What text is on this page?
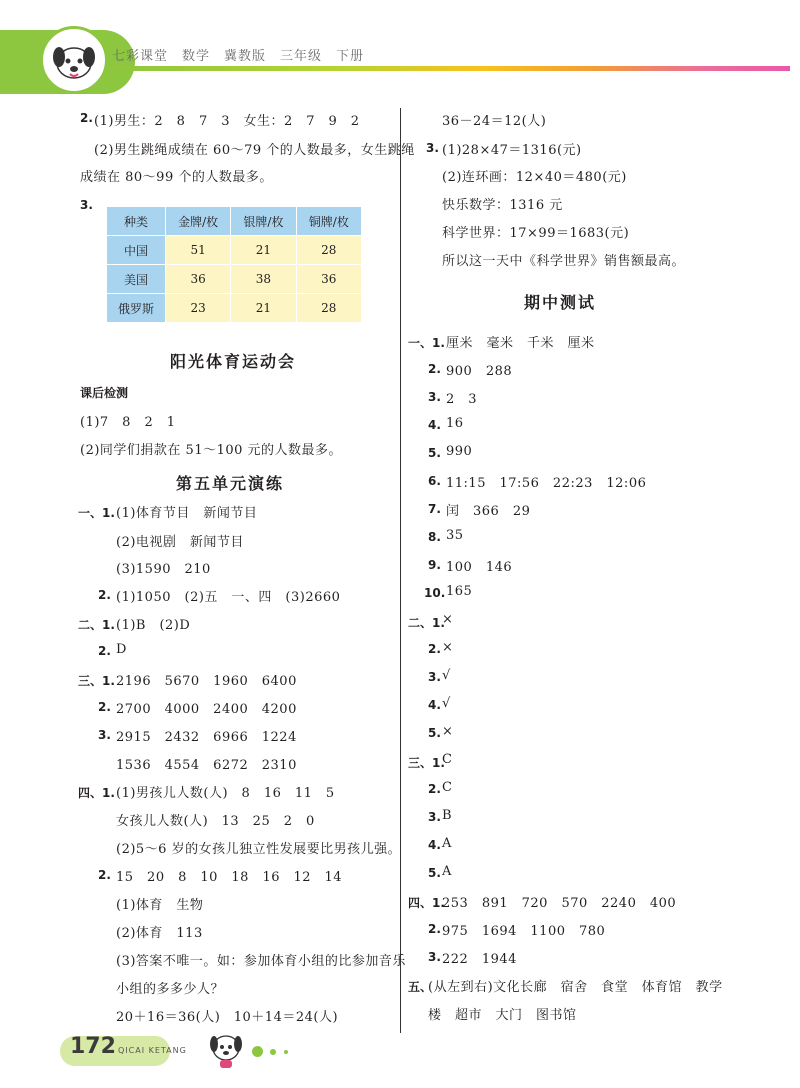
七彩课堂　数学　冀教版　三年级　下册
2. (1)男生：2　8　7　3　女生：2　7　9　2
(2)男生跳绳成绩在 60～79 个的人数最多，女生跳绳
成绩在 80～99 个的人数最多。
3.
种类	金牌/枚	银牌/枚	铜牌/枚
中国	51	21	28
美国	36	38	36
俄罗斯	23	21	28
阳光体育运动会
课后检测
(1)7　8　2　1
(2)同学们捐款在 51～100 元的人数最多。
第五单元演练
一、1. (1)体育节目　新闻节目
(2)电视剧　新闻节目
(3)1590　210
2. (1)1050　(2)五　一、四　(3)2660
二、1. (1)B　(2)D
2. D
三、1. 2196　5670　1960　6400
2. 2700　4000　2400　4200
3. 2915　2432　6966　1224
1536　4554　6272　2310
四、1. (1)男孩儿人数(人)　8　16　11　5
女孩儿人数(人)　13　25　2　0
(2)5～6 岁的女孩儿独立性发展要比男孩儿强。
2. 15　20　8　10　18　16　12　14
(1)体育　生物
(2)体育　113
(3)答案不唯一。如：参加体育小组的比参加音乐
小组的多多少人？
20＋16＝36(人)　10＋14＝24(人)
36－24＝12(人)
3. (1)28×47＝1316(元)
(2)连环画：12×40＝480(元)
快乐数学：1316 元
科学世界：17×99＝1683(元)
所以这一天中《科学世界》销售额最高。
期中测试
一、1. 厘米　毫米　千米　厘米
2. 900　288
3. 2　3
4. 16
5. 990
6. 11:15　17:56　22:23　12:06
7. 闰　366　29
8. 35
9. 100　146
10. 165
二、1.
×
2. ×
3. √
4. √
5. ×
三、1.
C
2. C
3. B
4. A
5. A
四、1.
253　891　720　570　2240　400
2. 975　1694　1100　780
3. 222　1944
五、
(从左到右)文化长廊　宿舍　食堂　体育馆　教学
楼　超市　大门　图书馆
172 QICAI KETANG
